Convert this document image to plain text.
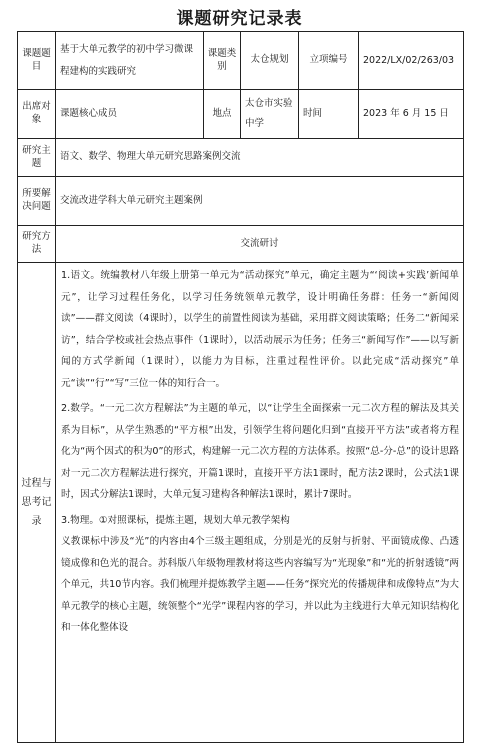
课题研究记录表
课题题目	基于大单元教学的初中学习微课程建构的实践研究	课题类别	太仓规划	立项编号	2022/LX/02/263/03
出席对象	课题核心成员	地点	太仓市实验中学	时间	2023 年 6 月 15 日
研究主题	语文、数学、物理大单元研究思路案例交流				
所要解决问题	交流改进学科大单元研究主题案例				
研究方法	交流研讨				
过程与思考记录	1.语文。统编教材八年级上册第一单元为“活动探究”单元，确定主题为“‘阅读+实践’新闻单元”，让学习过程任务化，以学习任务统领单元教学，设计明确任务群：任务一“新闻阅读”——群文阅读（4课时），以学生的前置性阅读为基础，采用群文阅读策略；任务二“新闻采访”，结合学校或社会热点事件（1课时），以活动展示为任务；任务三“新闻写作”——以写新闻的方式学新闻（1课时），以能力为目标，注重过程性评价。以此完成“活动探究”单元“读”“行”“写”三位一体的知行合一。

2.数学。“一元二次方程解法”为主题的单元，以“让学生全面探索一元二次方程的解法及其关系为目标”，从学生熟悉的“平方根”出发，引领学生将问题化归到“直接开平方法”或者将方程化为“两个因式的积为0”的形式，构建解一元二次方程的方法体系。按照“总-分-总”的设计思路对一元二次方程解法进行探究，开篇1课时，直接开平方法1课时，配方法2课时，公式法1课时，因式分解法1课时，大单元复习建构各种解法1课时，累计7课时。

3.物理。①对照课标，提炼主题，规划大单元教学架构

义教课标中涉及“光”的内容由4个三级主题组成，分别是光的反射与折射、平面镜成像、凸透镜成像和色光的混合。苏科版八年级物理教材将这些内容编写为“光现象”和“光的折射透镜”两个单元，共10节内容。我们梳理并提炼教学主题——任务“探究光的传播规律和成像特点”为大单元教学的核心主题，统领整个“光学”课程内容的学习，并以此为主线进行大单元知识结构化和一体化整体设				
